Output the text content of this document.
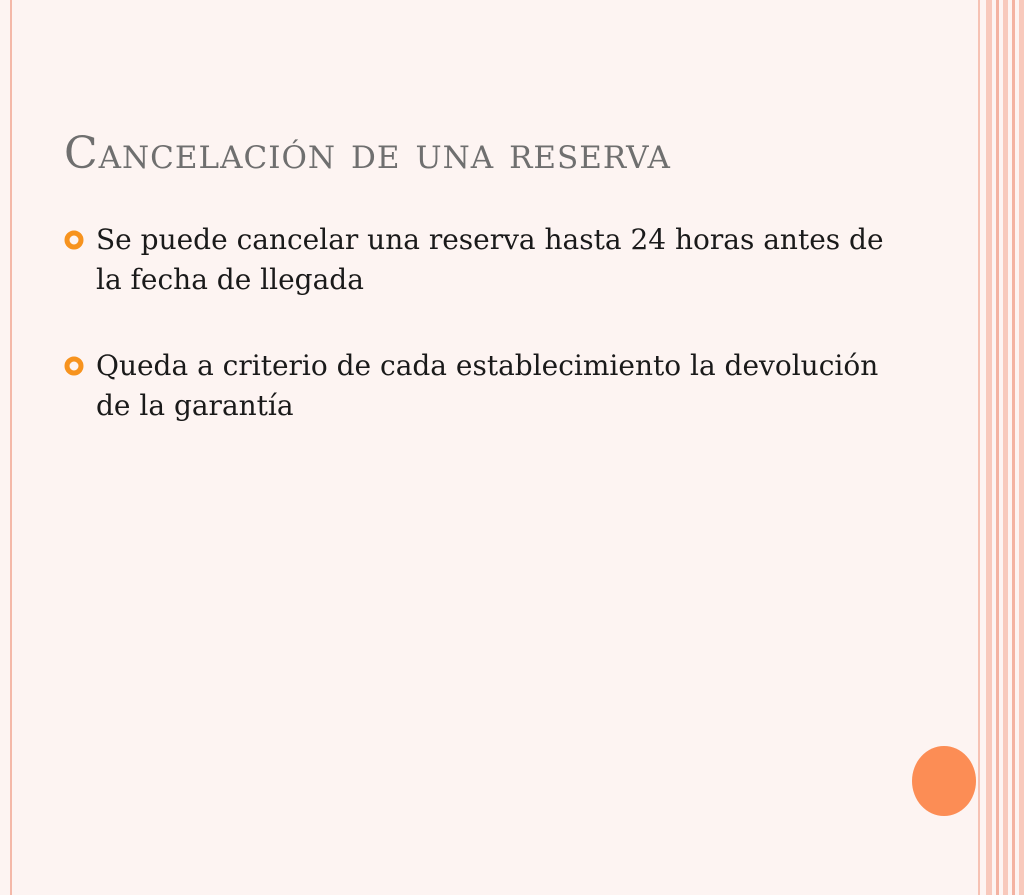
Cancelación de una reserva
Se puede cancelar una reserva hasta 24 horas antes de la fecha de llegada
Queda a criterio de cada establecimiento la devolución de la garantía
